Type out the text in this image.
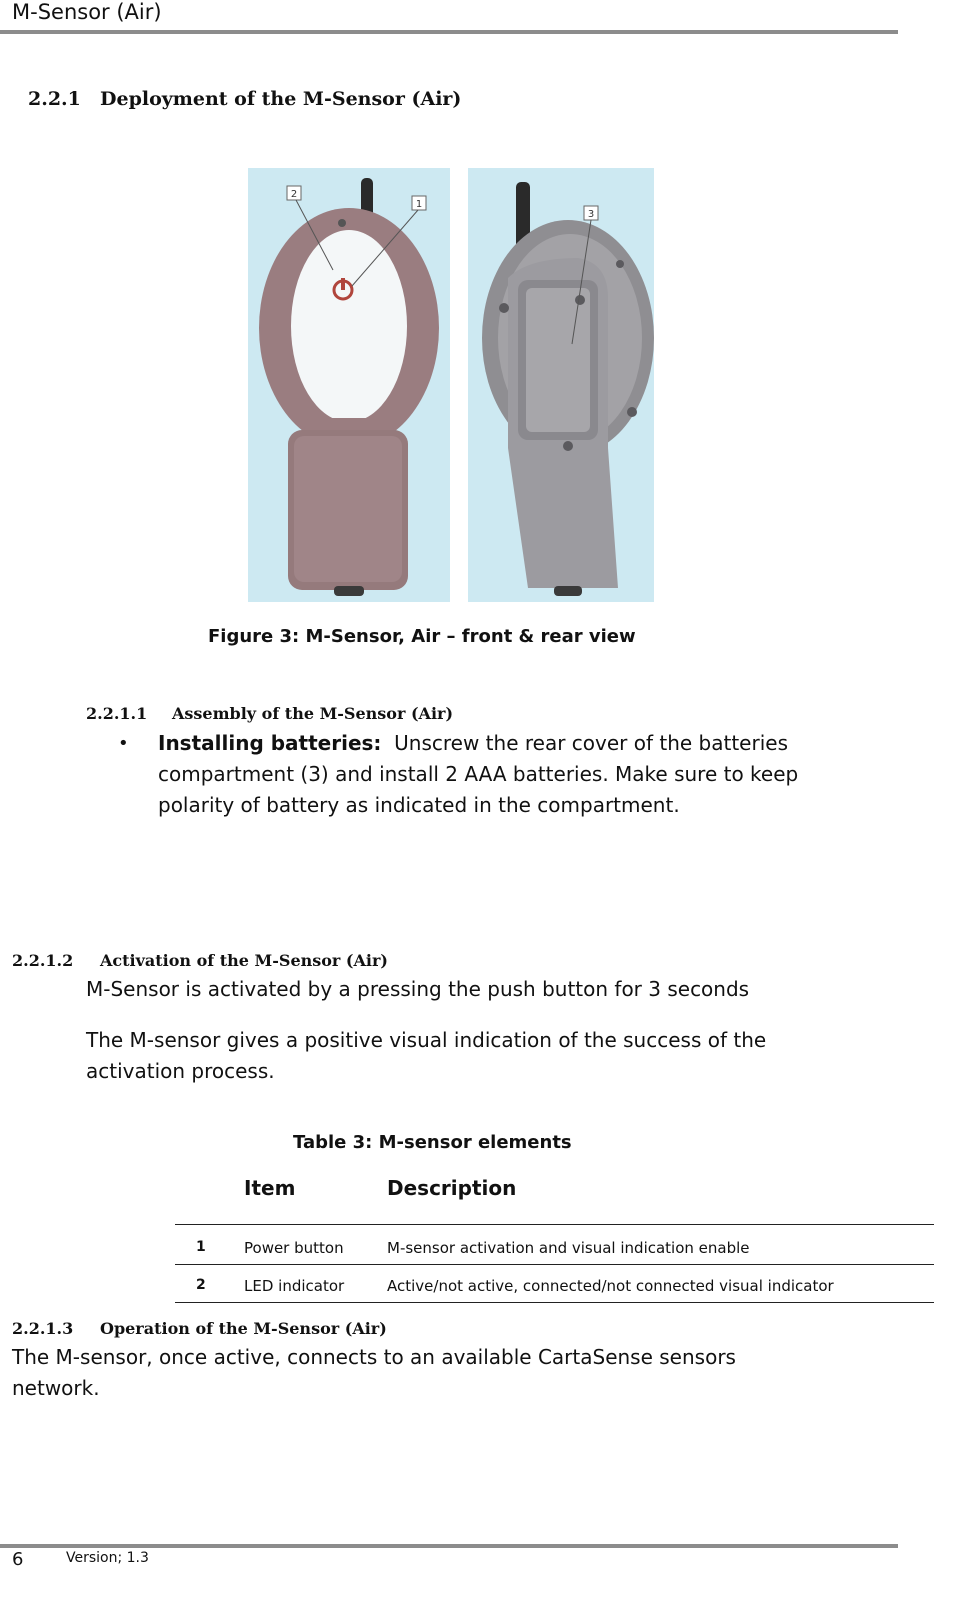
M-Sensor (Air)
2.2.1 Deployment of the M-Sensor (Air)
2
1
3
Figure 3: M-Sensor, Air – front & rear view
2.2.1.1 Assembly of the M-Sensor (Air)
• Installing batteries: Unscrew the rear cover of the batteries
compartment (3) and install 2 AAA batteries. Make sure to keep
polarity of battery as indicated in the compartment.
2.2.1.2 Activation of the M-Sensor (Air)
M-Sensor is activated by a pressing the push button for 3 seconds
The M-sensor gives a positive visual indication of the success of the
activation process.
Table 3: M-sensor elements
Item	Description
1	Power button	M-sensor activation and visual indication enable
2	LED indicator	Active/not active, connected/not connected visual indicator
2.2.1.3 Operation of the M-Sensor (Air)
The M-sensor, once active, connects to an available CartaSense sensors
network.
6	Version; 1.3
